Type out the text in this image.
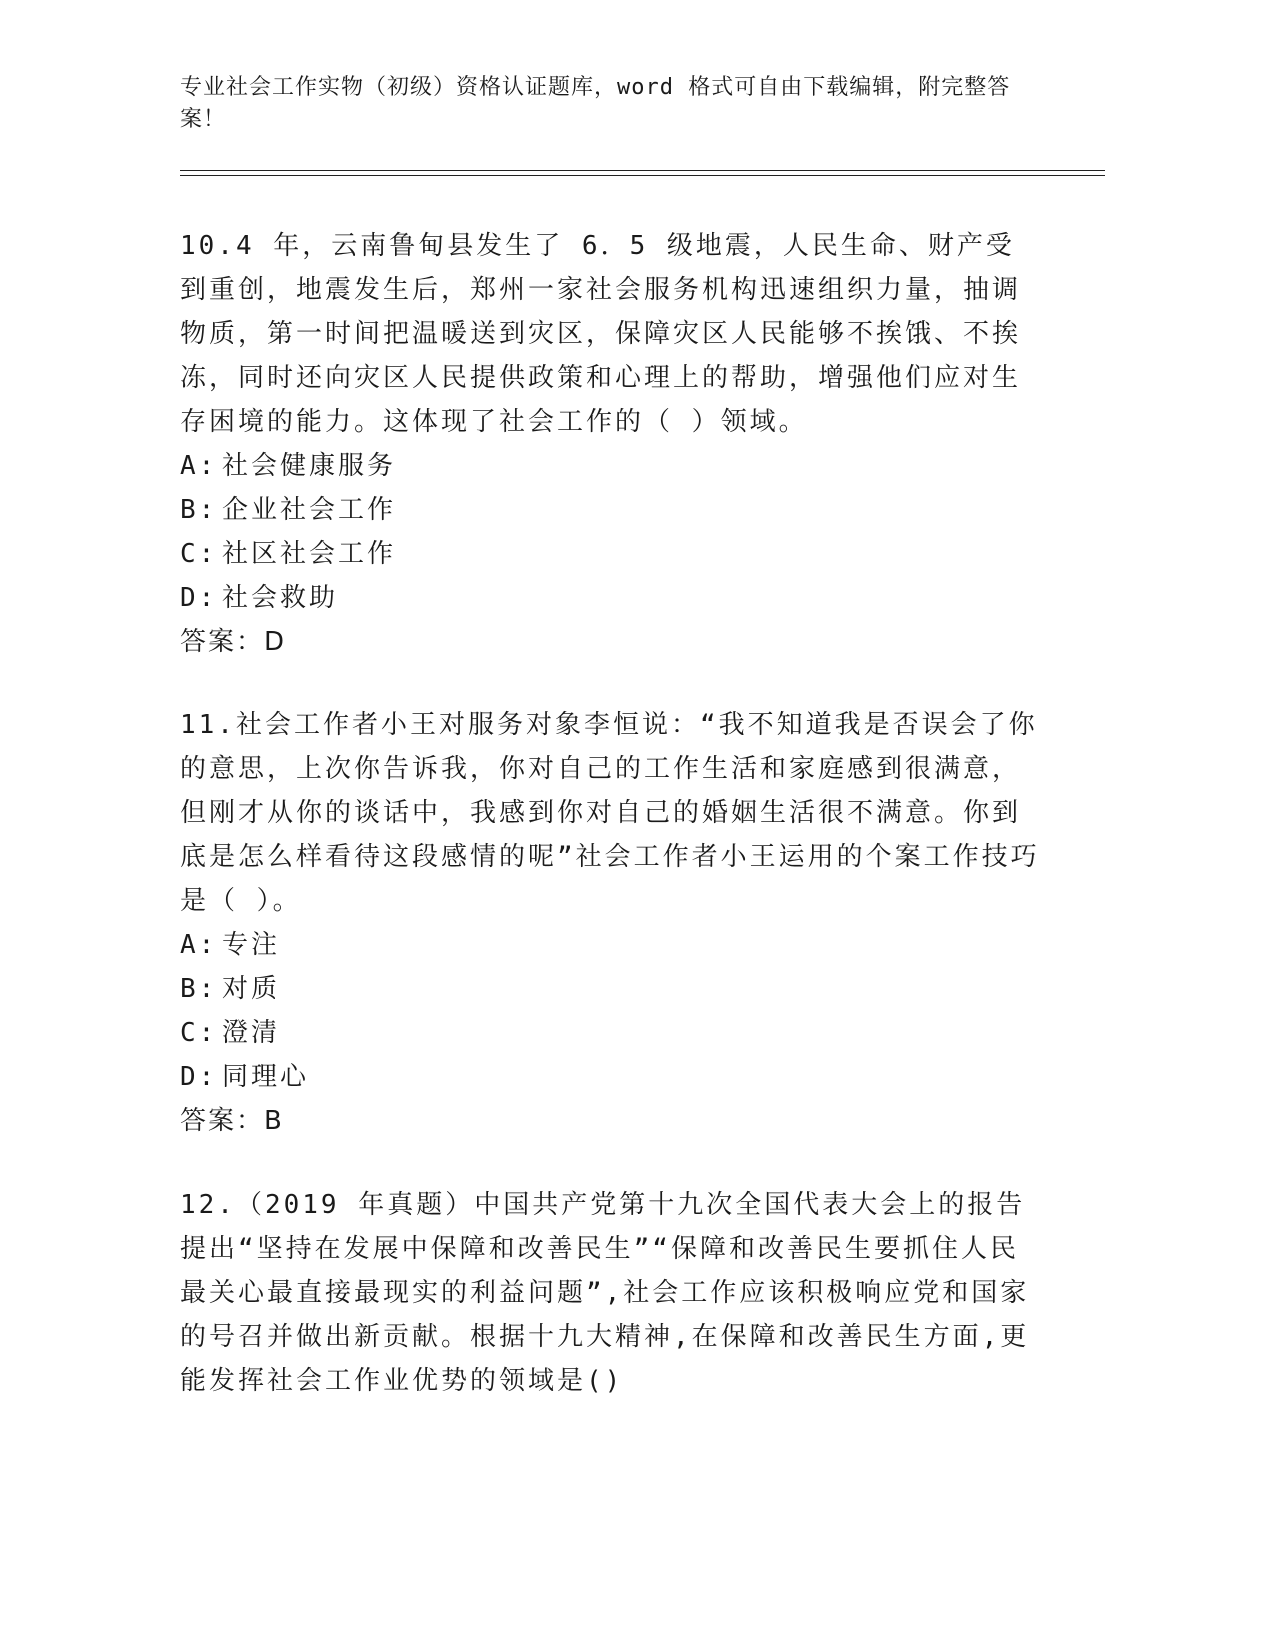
专业社会工作实物（初级）资格认证题库，word 格式可自由下载编辑，附完整答案！

10.4 年，云南鲁甸县发生了 6．5 级地震，人民生命、财产受到重创，地震发生后，郑州一家社会服务机构迅速组织力量，抽调物质，第一时间把温暖送到灾区，保障灾区人民能够不挨饿、不挨冻，同时还向灾区人民提供政策和心理上的帮助，增强他们应对生存困境的能力。这体现了社会工作的（ ）领域。

A: 社会健康服务
B: 企业社会工作
C: 社区社会工作
D: 社会救助
答案：D

11.社会工作者小王对服务对象李恒说：“我不知道我是否误会了你的意思，上次你告诉我，你对自己的工作生活和家庭感到很满意，但刚才从你的谈话中，我感到你对自己的婚姻生活很不满意。你到底是怎么样看待这段感情的呢”社会工作者小王运用的个案工作技巧是（ ）。

A: 专注
B: 对质
C: 澄清
D: 同理心
答案：B

12.（2019 年真题）中国共产党第十九次全国代表大会上的报告提出“坚持在发展中保障和改善民生”“保障和改善民生要抓住人民最关心最直接最现实的利益问题”,社会工作应该积极响应党和国家的号召并做出新贡献。根据十九大精神,在保障和改善民生方面,更能发挥社会工作业优势的领域是()
